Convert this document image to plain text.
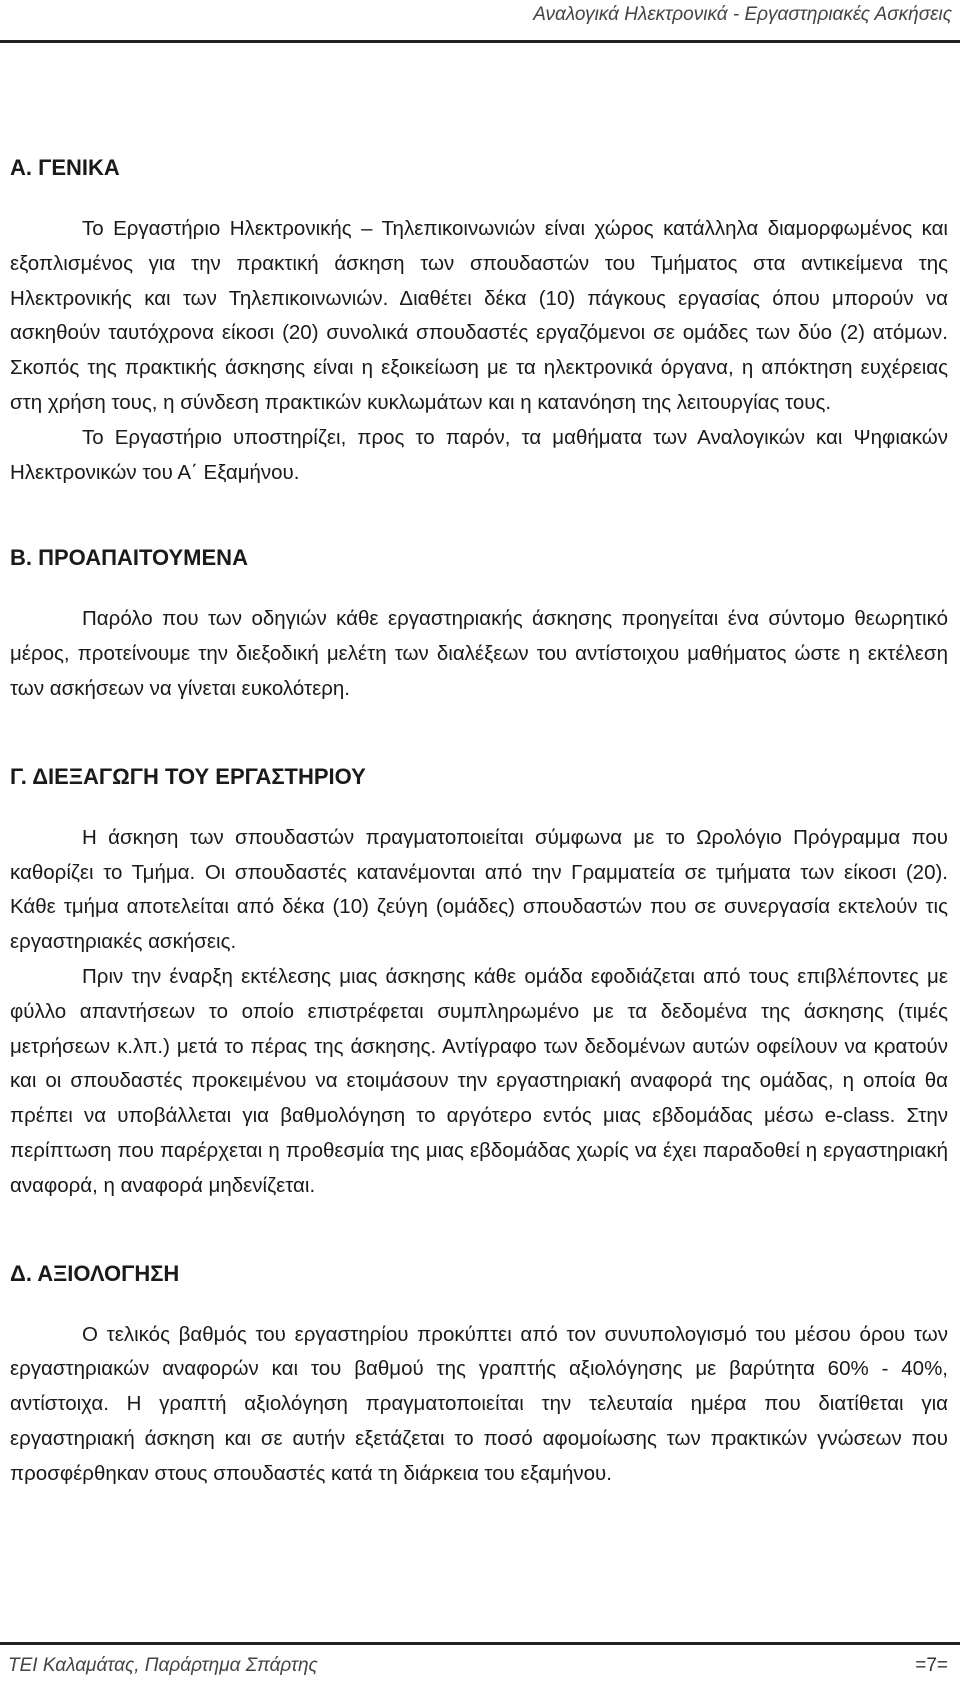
Αναλογικά Ηλεκτρονικά - Εργαστηριακές Ασκήσεις
Α. ΓΕΝΙΚΑ

Το Εργαστήριο Ηλεκτρονικής – Τηλεπικοινωνιών είναι χώρος κατάλληλα διαμορφωμένος και εξοπλισμένος για την πρακτική άσκηση των σπουδαστών του Τμήματος στα αντικείμενα της Ηλεκτρονικής και των Τηλεπικοινωνιών. Διαθέτει δέκα (10) πάγκους εργασίας όπου μπορούν να ασκηθούν ταυτόχρονα είκοσι (20) συνολικά σπουδαστές εργαζόμενοι σε ομάδες των δύο (2) ατόμων. Σκοπός της πρακτικής άσκησης είναι η εξοικείωση με τα ηλεκτρονικά όργανα, η απόκτηση ευχέρειας στη χρήση τους, η σύνδεση πρακτικών κυκλωμάτων και η κατανόηση της λειτουργίας τους.

Το Εργαστήριο υποστηρίζει, προς το παρόν, τα μαθήματα των Αναλογικών και Ψηφιακών Ηλεκτρονικών του Α΄ Εξαμήνου.

Β. ΠΡΟΑΠΑΙΤΟΥΜΕΝΑ

Παρόλο που των οδηγιών κάθε εργαστηριακής άσκησης προηγείται ένα σύντομο θεωρητικό μέρος, προτείνουμε την διεξοδική μελέτη των διαλέξεων του αντίστοιχου μαθήματος ώστε η εκτέλεση των ασκήσεων να γίνεται ευκολότερη.

Γ. ΔΙΕΞΑΓΩΓΗ ΤΟΥ ΕΡΓΑΣΤΗΡΙΟΥ

Η άσκηση των σπουδαστών πραγματοποιείται σύμφωνα με το Ωρολόγιο Πρόγραμμα που καθορίζει το Τμήμα. Οι σπουδαστές κατανέμονται από την Γραμματεία σε τμήματα των είκοσι (20). Κάθε τμήμα αποτελείται από δέκα (10) ζεύγη (ομάδες) σπουδαστών που σε συνεργασία εκτελούν τις εργαστηριακές ασκήσεις.

Πριν την έναρξη εκτέλεσης μιας άσκησης κάθε ομάδα εφοδιάζεται από τους επιβλέποντες με φύλλο απαντήσεων το οποίο επιστρέφεται συμπληρωμένο με τα δεδομένα της άσκησης (τιμές μετρήσεων κ.λπ.) μετά το πέρας της άσκησης. Αντίγραφο των δεδομένων αυτών οφείλουν να κρατούν και οι σπουδαστές προκειμένου να ετοιμάσουν την εργαστηριακή αναφορά της ομάδας, η οποία θα πρέπει να υποβάλλεται για βαθμολόγηση το αργότερο εντός μιας εβδομάδας μέσω e-class. Στην περίπτωση που παρέρχεται η προθεσμία της μιας εβδομάδας χωρίς να έχει παραδοθεί η εργαστηριακή αναφορά, η αναφορά μηδενίζεται.

Δ. ΑΞΙΟΛΟΓΗΣΗ

Ο τελικός βαθμός του εργαστηρίου προκύπτει από τον συνυπολογισμό του μέσου όρου των εργαστηριακών αναφορών και του βαθμού της γραπτής αξιολόγησης με βαρύτητα 60% - 40%, αντίστοιχα. Η γραπτή αξιολόγηση πραγματοποιείται την τελευταία ημέρα που διατίθεται για εργαστηριακή άσκηση και σε αυτήν εξετάζεται το ποσό αφομοίωσης των πρακτικών γνώσεων που προσφέρθηκαν στους σπουδαστές κατά τη διάρκεια του εξαμήνου.

ΤΕΙ Καλαμάτας, Παράρτημα Σπάρτης	=7=
